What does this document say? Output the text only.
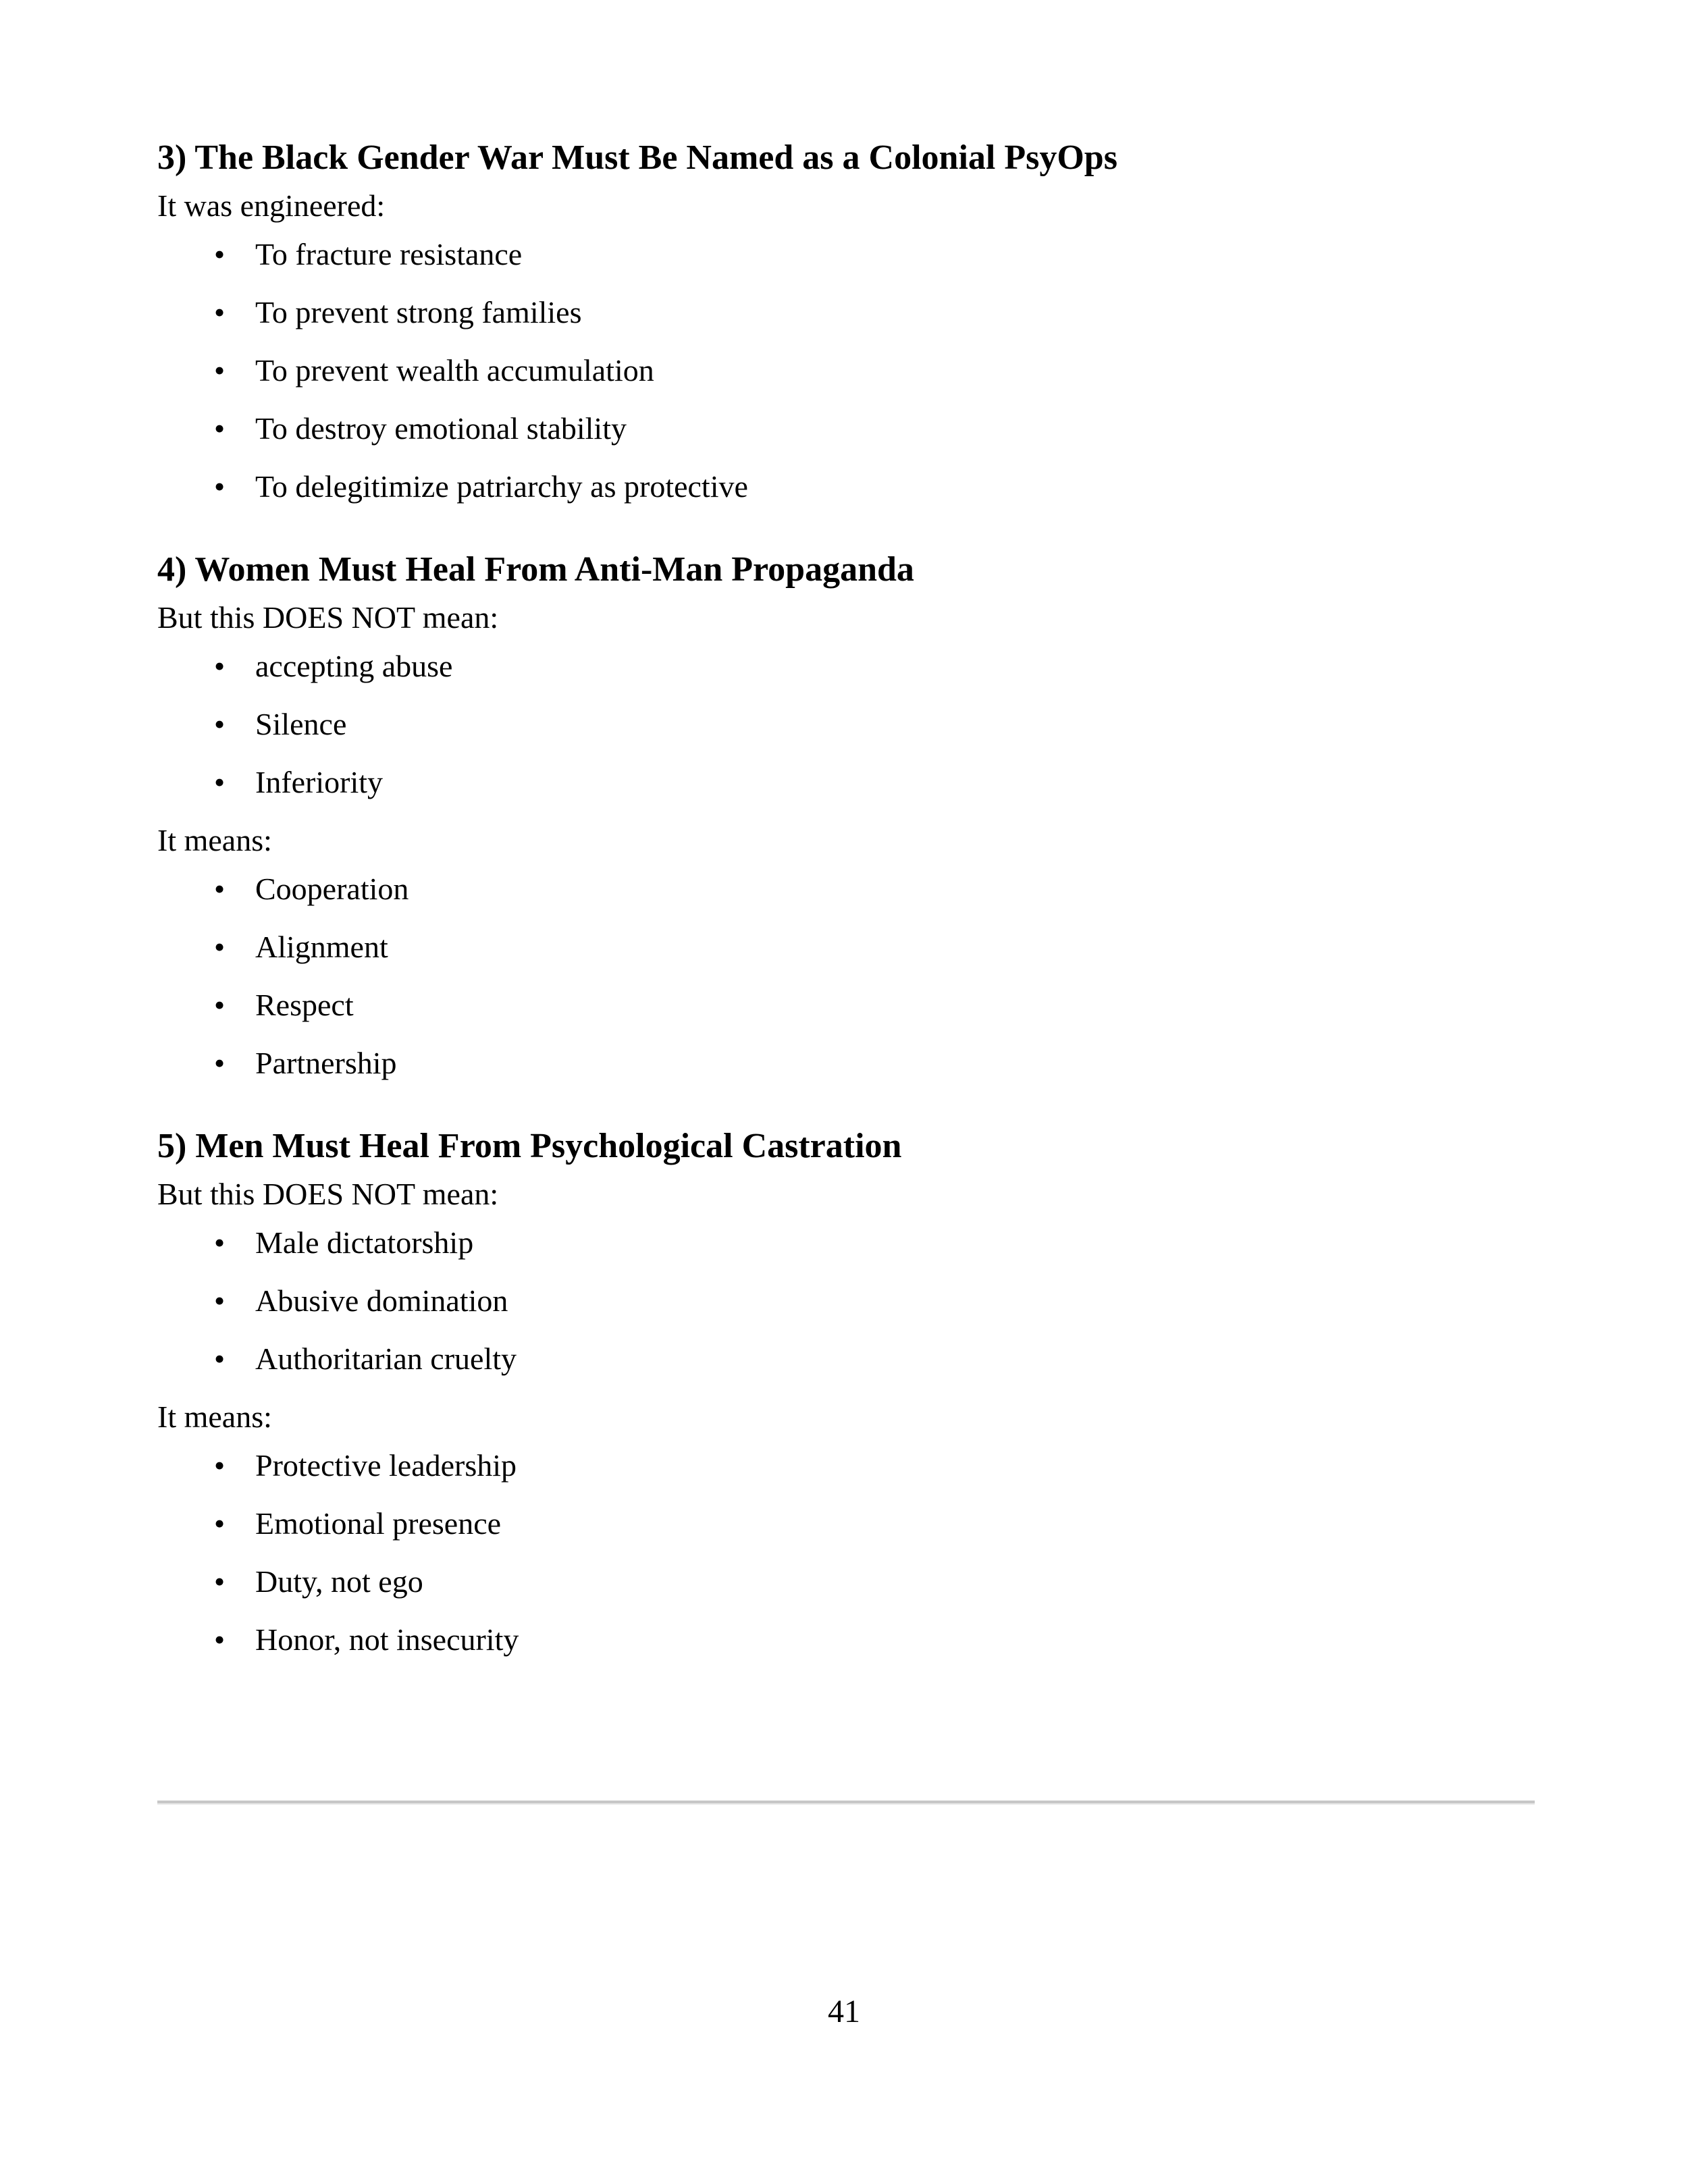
3) The Black Gender War Must Be Named as a Colonial PsyOps

It was engineered:

• To fracture resistance
• To prevent strong families
• To prevent wealth accumulation
• To destroy emotional stability
• To delegitimize patriarchy as protective
4) Women Must Heal From Anti-Man Propaganda

But this DOES NOT mean:

• accepting abuse
• Silence
• Inferiority

It means:

• Cooperation
• Alignment
• Respect
• Partnership
5) Men Must Heal From Psychological Castration

But this DOES NOT mean:

• Male dictatorship
• Abusive domination
• Authoritarian cruelty

It means:

• Protective leadership
• Emotional presence
• Duty, not ego
• Honor, not insecurity
41
